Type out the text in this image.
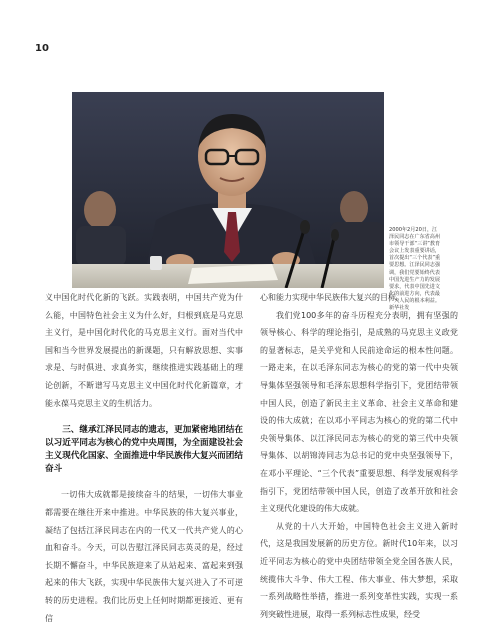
10
2000年2月20日，江泽民同志在广东省高州市领导干部“三讲”教育会议上发表重要讲话，首次提出“三个代表”重要思想。江泽民同志强调，我们党要始终代表中国先进生产力的发展要求，代表中国先进文化的前进方向，代表最广大人民的根本利益。 新华社发
义中国化时代化新的飞跃。实践表明，中国共产党为什么能，中国特色社会主义为什么好，归根到底是马克思主义行，是中国化时代化的马克思主义行。面对当代中国和当今世界发展提出的新课题，只有解放思想、实事求是、与时俱进、求真务实，继续推进实践基础上的理论创新，不断谱写马克思主义中国化时代化新篇章，才能永葆马克思主义的生机活力。
三、继承江泽民同志的遗志，更加紧密地团结在以习近平同志为核心的党中央周围，为全面建设社会主义现代化国家、全面推进中华民族伟大复兴而团结奋斗
一切伟大成就都是接续奋斗的结果，一切伟大事业都需要在继往开来中推进。中华民族的伟大复兴事业，凝结了包括江泽民同志在内的一代又一代共产党人的心血和奋斗。今天，可以告慰江泽民同志英灵的是，经过长期不懈奋斗，中华民族迎来了从站起来、富起来到强起来的伟大飞跃，实现中华民族伟大复兴进入了不可逆转的历史进程。我们比历史上任何时期都更接近、更有信
心和能力实现中华民族伟大复兴的目标。
我们党100多年的奋斗历程充分表明，拥有坚强的领导核心、科学的理论指引，是成熟的马克思主义政党的显著标志，是关乎党和人民前途命运的根本性问题。一路走来，在以毛泽东同志为核心的党的第一代中央领导集体坚强领导和毛泽东思想科学指引下，党团结带领中国人民，创造了新民主主义革命、社会主义革命和建设的伟大成就；在以邓小平同志为核心的党的第二代中央领导集体、以江泽民同志为核心的党的第三代中央领导集体、以胡锦涛同志为总书记的党中央坚强领导下，在邓小平理论、“三个代表”重要思想、科学发展观科学指引下，党团结带领中国人民，创造了改革开放和社会主义现代化建设的伟大成就。
从党的十八大开始，中国特色社会主义进入新时代，这是我国发展新的历史方位。新时代10年来，以习近平同志为核心的党中央团结带领全党全国各族人民，统揽伟大斗争、伟大工程、伟大事业、伟大梦想，采取一系列战略性举措，推进一系列变革性实践，实现一系列突破性进展，取得一系列标志性成果，经受
